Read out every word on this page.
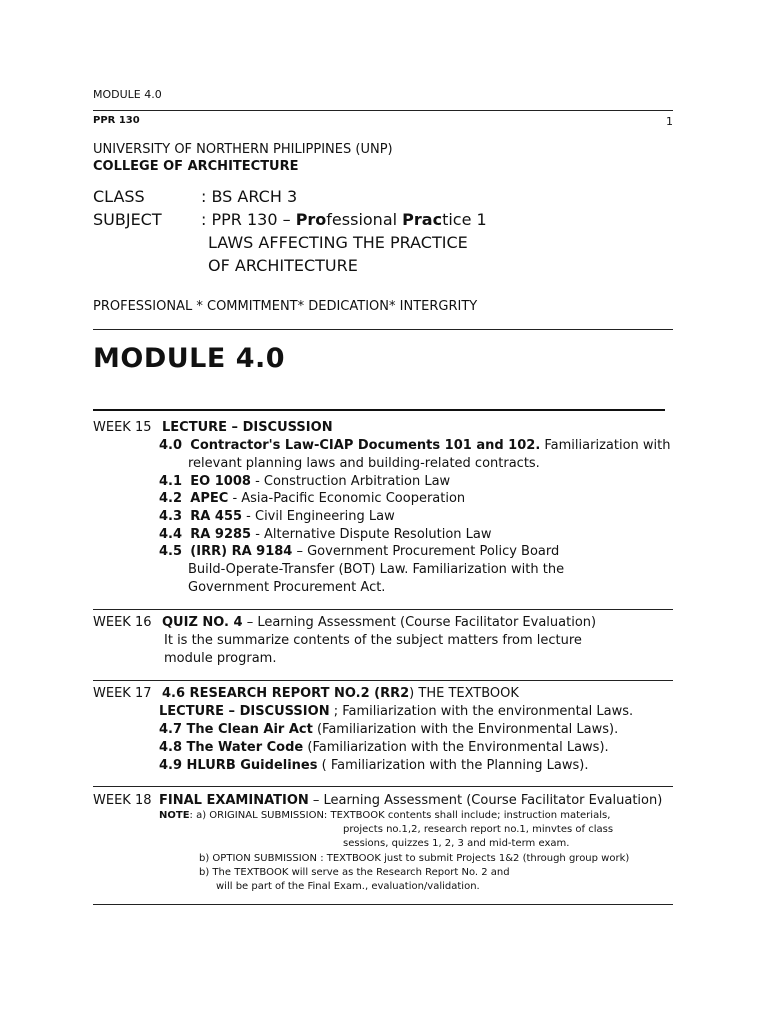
MODULE 4.0
PPR 130	1
UNIVERSITY OF NORTHERN PHILIPPINES (UNP)
COLLEGE OF ARCHITECTURE
CLASS	: BS ARCH 3
SUBJECT : PPR 130 – Professional Practice 1
LAWS AFFECTING THE PRACTICE
OF ARCHITECTURE
PROFESSIONAL * COMMITMENT* DEDICATION* INTERGRITY
MODULE 4.0
WEEK 15 LECTURE – DISCUSSION
4.0 Contractor's Law-CIAP Documents 101 and 102. Familiarization with
relevant planning laws and building-related contracts.
4.1 EO 1008 - Construction Arbitration Law
4.2 APEC - Asia-Pacific Economic Cooperation
4.3 RA 455 - Civil Engineering Law
4.4 RA 9285 - Alternative Dispute Resolution Law
4.5 (IRR) RA 9184 – Government Procurement Policy Board
Build-Operate-Transfer (BOT) Law. Familiarization with the
Government Procurement Act.
WEEK 16 QUIZ NO. 4 – Learning Assessment (Course Facilitator Evaluation)
It is the summarize contents of the subject matters from lecture
module program.
WEEK 17 4.6 RESEARCH REPORT NO.2 (RR2) THE TEXTBOOK
LECTURE – DISCUSSION ; Familiarization with the environmental Laws.
4.7 The Clean Air Act (Familiarization with the Environmental Laws).
4.8 The Water Code (Familiarization with the Environmental Laws).
4.9 HLURB Guidelines ( Familiarization with the Planning Laws).
WEEK 18 FINAL EXAMINATION – Learning Assessment (Course Facilitator Evaluation)
NOTE: a) ORIGINAL SUBMISSION: TEXTBOOK contents shall include; instruction materials,
projects no.1,2, research report no.1, minvtes of class
sessions, quizzes 1, 2, 3 and mid-term exam.
b) OPTION SUBMISSION : TEXTBOOK just to submit Projects 1&2 (through group work)
b) The TEXTBOOK will serve as the Research Report No. 2 and
will be part of the Final Exam., evaluation/validation.
